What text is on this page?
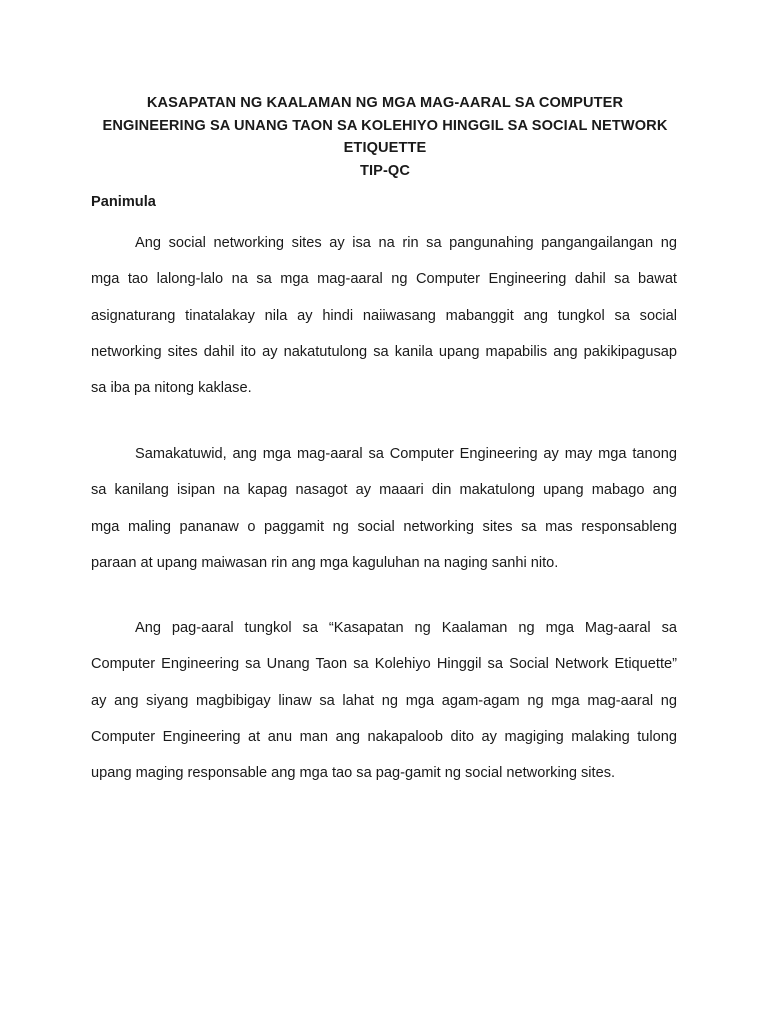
KASAPATAN NG KAALAMAN NG MGA MAG-AARAL SA COMPUTER
ENGINEERING SA UNANG TAON SA KOLEHIYO HINGGIL SA SOCIAL NETWORK
ETIQUETTE
TIP-QC
Panimula
Ang social networking sites ay isa na rin sa pangunahing pangangailangan ng
mga tao lalong-lalo na sa mga mag-aaral ng Computer Engineering dahil sa bawat
asignaturang tinatalakay nila ay hindi naiiwasang mabanggit ang tungkol sa social
networking sites dahil ito ay nakatutulong sa kanila upang mapabilis ang pakikipagusap
sa iba pa nitong kaklase.
Samakatuwid, ang mga mag-aaral sa Computer Engineering ay may mga tanong
sa kanilang isipan na kapag nasagot ay maaari din makatulong upang mabago ang
mga maling pananaw o paggamit ng social networking sites sa mas responsableng
paraan at upang maiwasan rin ang mga kaguluhan na naging sanhi nito.
Ang pag-aaral tungkol sa “Kasapatan ng Kaalaman ng mga Mag-aaral sa
Computer Engineering sa Unang Taon sa Kolehiyo Hinggil sa Social Network Etiquette”
ay ang siyang magbibigay linaw sa lahat ng mga agam-agam ng mga mag-aaral ng
Computer Engineering at anu man ang nakapaloob dito ay magiging malaking tulong
upang maging responsable ang mga tao sa pag-gamit ng social networking sites.
